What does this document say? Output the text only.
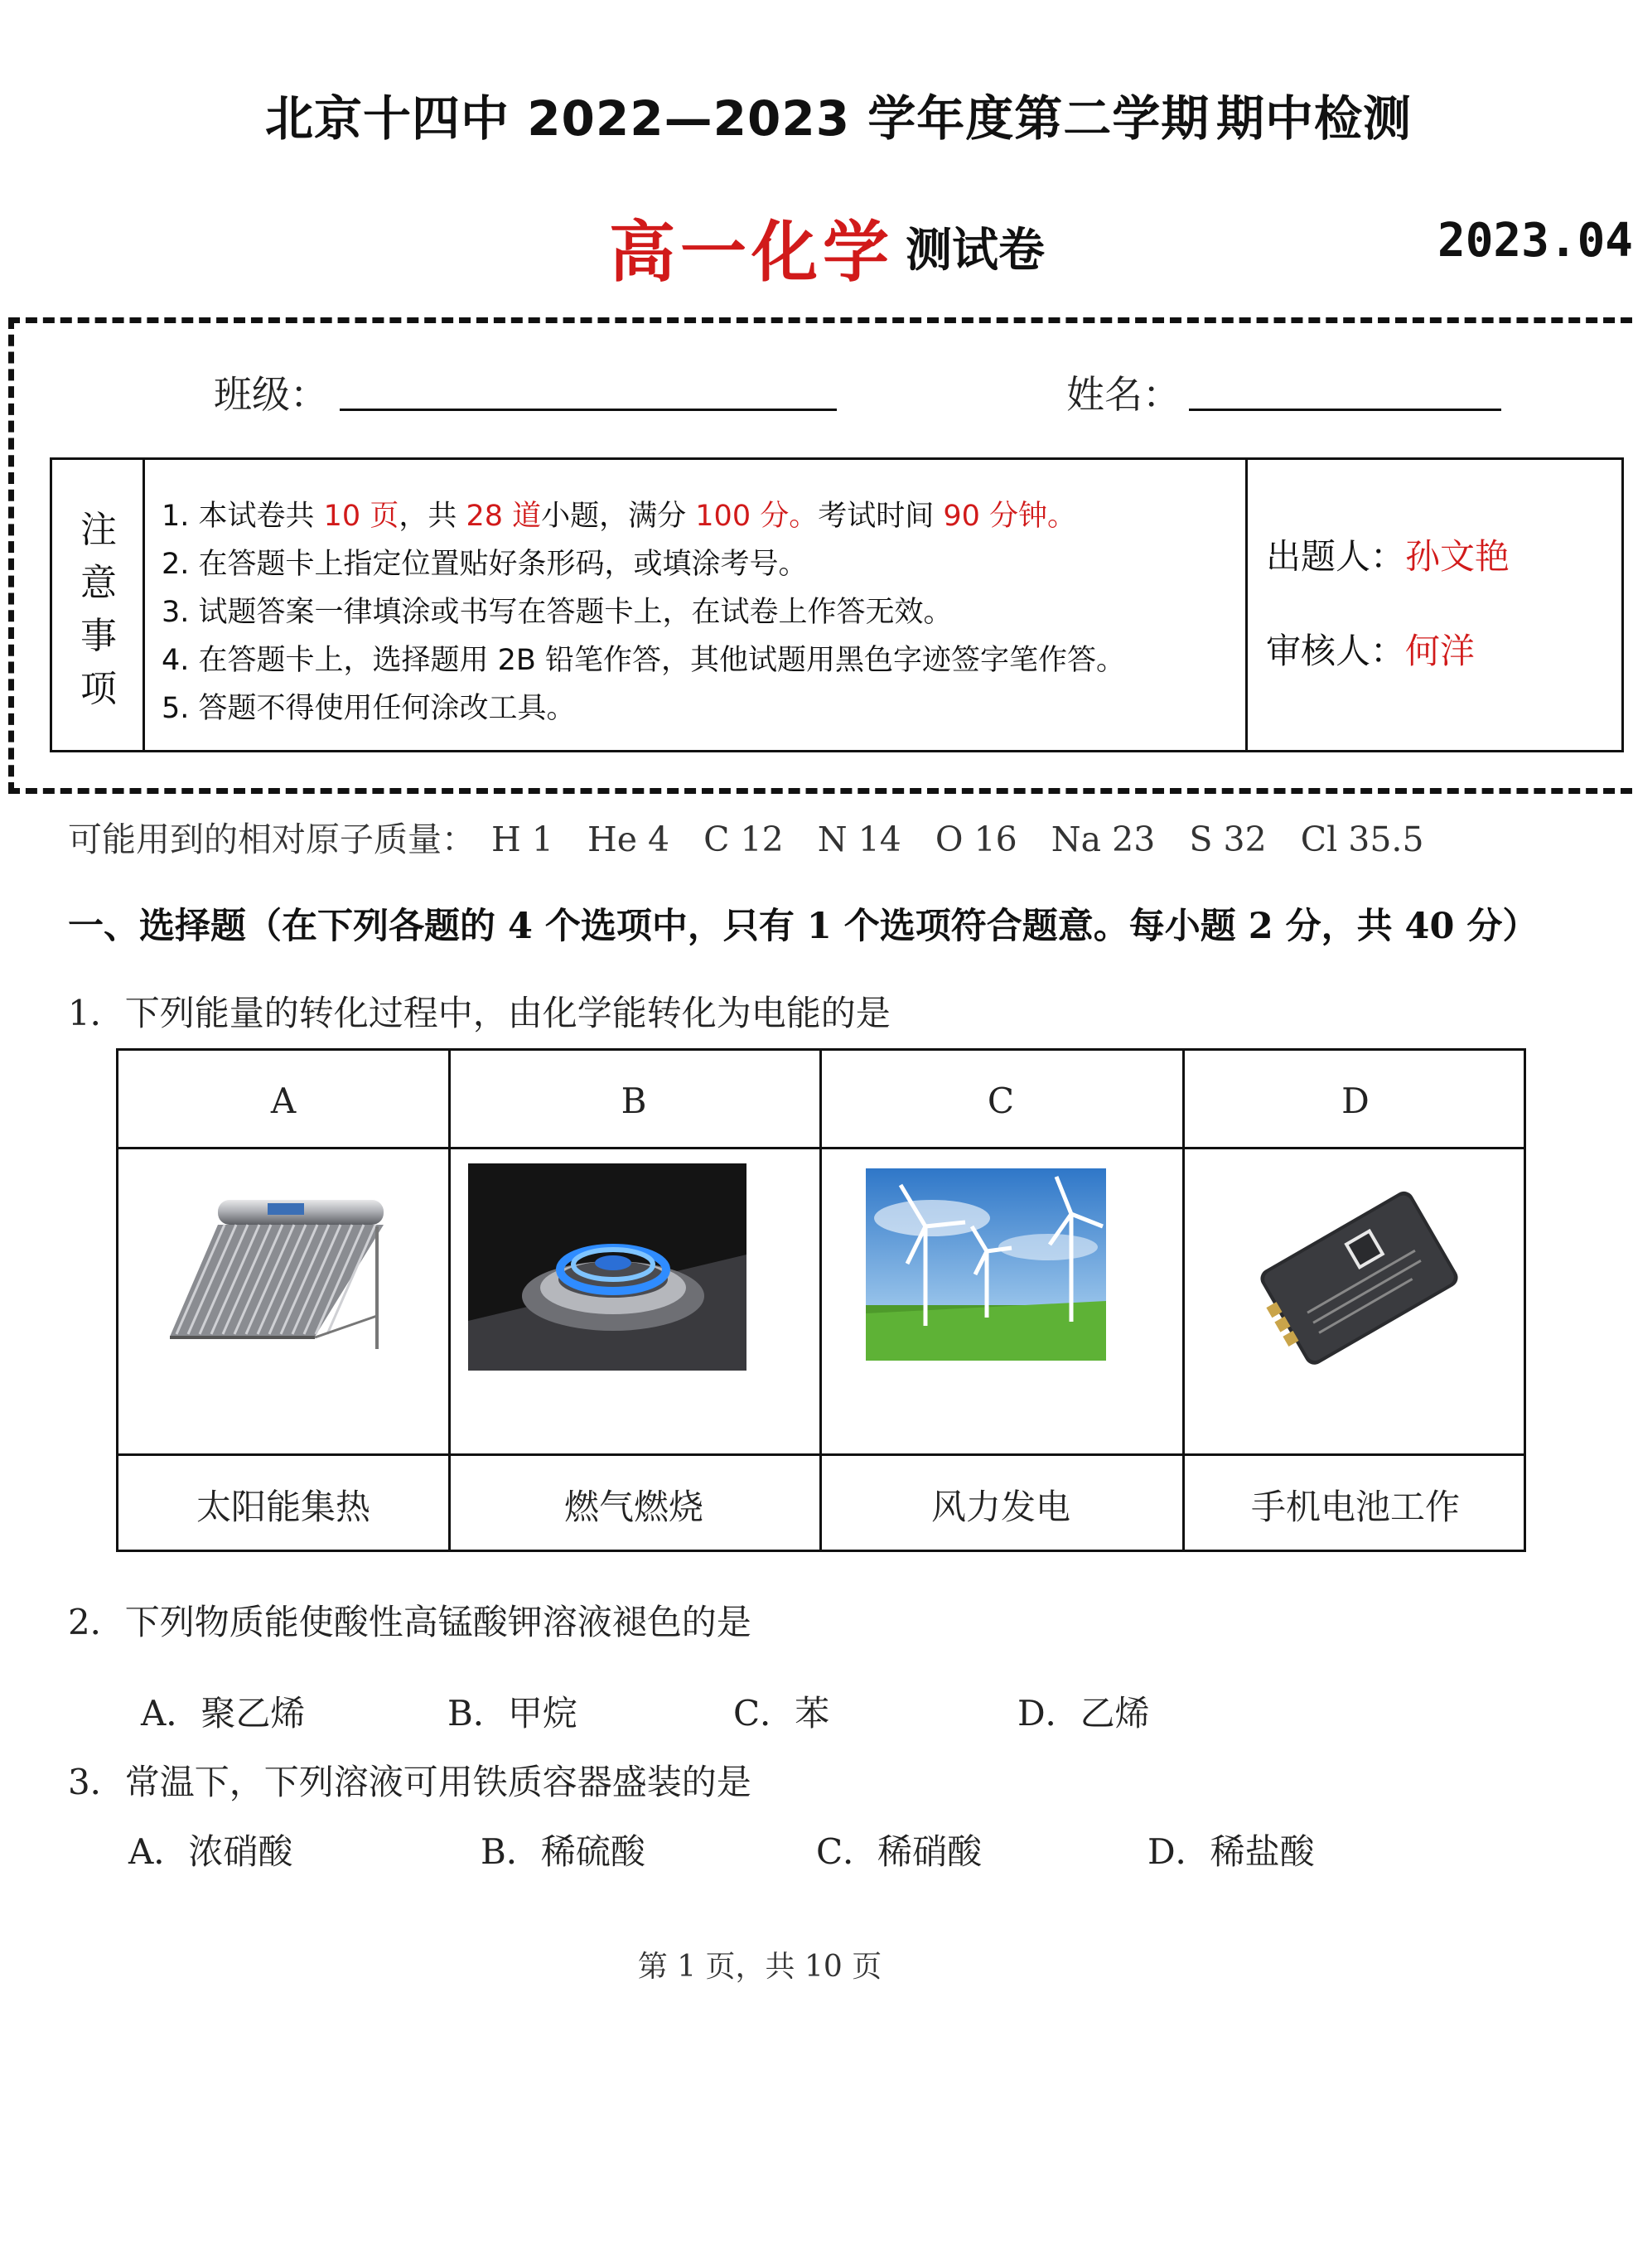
北京十四中 2022—2023 学年度第二学期 期中检测
高一化学 测试卷	2023.04
班级：	姓名：
注
意
事
项
1. 本试卷共 10 页，共 28 道小题，满分 100 分。考试时间 90 分钟。
2. 在答题卡上指定位置贴好条形码，或填涂考号。
3. 试题答案一律填涂或书写在答题卡上，在试卷上作答无效。
4. 在答题卡上，选择题用 2B 铅笔作答，其他试题用黑色字迹签字笔作答。
5. 答题不得使用任何涂改工具。
出题人：孙文艳
审核人：何洋
可能用到的相对原子质量： H 1 He 4 C 12 N 14 O 16 Na 23 S 32 Cl 35.5
一、选择题（在下列各题的 4 个选项中，只有 1 个选项符合题意。每小题 2 分，共 40 分）
1．下列能量的转化过程中，由化学能转化为电能的是
A	B	C	D
太阳能集热	燃气燃烧	风力发电	手机电池工作
2．下列物质能使酸性高锰酸钾溶液褪色的是
A．聚乙烯	B．甲烷	C．苯	D．乙烯
3．常温下，下列溶液可用铁质容器盛装的是
A．浓硝酸	B．稀硫酸	C．稀硝酸	D．稀盐酸
第 1 页，共 10 页
